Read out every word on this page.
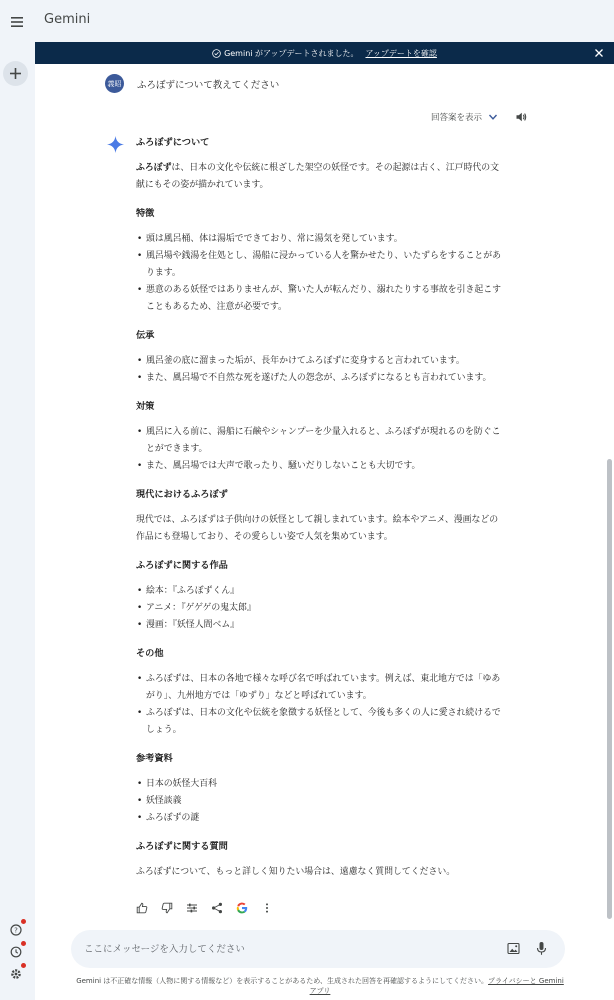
?
Gemini
Gemini がアップデートされました。 アップデートを確認
義昭 ふろぼずについて教えてください
回答案を表示
ふろぼずについて

ふろぼずは、日本の文化や伝統に根ざした架空の妖怪です。その起源は古く、江戸時代の文献にもその姿が描かれています。

特徴
• 頭は風呂桶、体は湯垢でできており、常に湯気を発しています。
• 風呂場や銭湯を住処とし、湯船に浸かっている人を驚かせたり、いたずらをすることがあります。
• 悪意のある妖怪ではありませんが、驚いた人が転んだり、溺れたりする事故を引き起こすこともあるため、注意が必要です。
伝承
• 風呂釜の底に溜まった垢が、長年かけてふろぼずに変身すると言われています。
• また、風呂場で不自然な死を遂げた人の怨念が、ふろぼずになるとも言われています。
対策
• 風呂に入る前に、湯船に石鹸やシャンプーを少量入れると、ふろぼずが現れるのを防ぐことができます。
• また、風呂場では大声で歌ったり、騒いだりしないことも大切です。
現代におけるふろぼず

現代では、ふろぼずは子供向けの妖怪として親しまれています。絵本やアニメ、漫画などの作品にも登場しており、その愛らしい姿で人気を集めています。

ふろぼずに関する作品
• 絵本：『ふろぼずくん』
• アニメ：『ゲゲゲの鬼太郎』
• 漫画：『妖怪人間ベム』
その他
• ふろぼずは、日本の各地で様々な呼び名で呼ばれています。例えば、東北地方では「ゆあがり」、九州地方では「ゆずり」などと呼ばれています。
• ふろぼずは、日本の文化や伝統を象徴する妖怪として、今後も多くの人に愛され続けるでしょう。
参考資料
• 日本の妖怪大百科
• 妖怪談義
• ふろぼずの謎
ふろぼずに関する質問

ふろぼずについて、もっと詳しく知りたい場合は、遠慮なく質問してください。

ここにメッセージを入力してください
Gemini は不正確な情報（人物に関する情報など）を表示することがあるため、生成された回答を再確認するようにしてください。プライバシーと Gemini アプリ
